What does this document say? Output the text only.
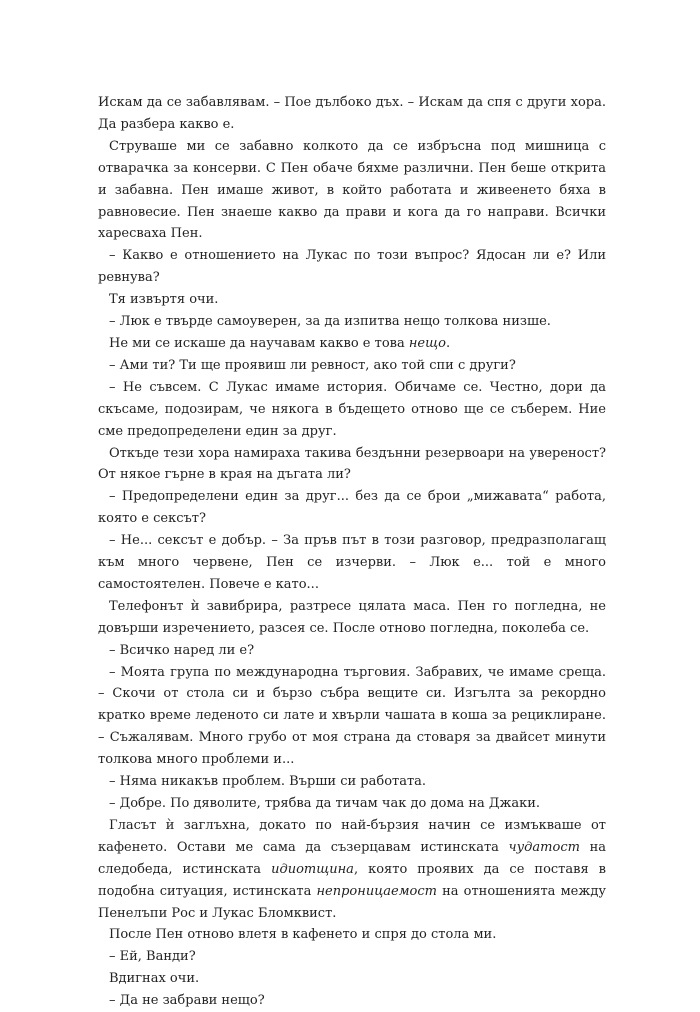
Искам да се забавлявам. – Пое дълбоко дъх. – Искам да спя с други хора. Да разбера какво е.

Струваше ми се забавно колкото да се избръсна под мишница с отварачка за консерви. С Пен обаче бяхме различни. Пен беше открита и забавна. Пен имаше живот, в който работата и живеенето бяха в равновесие. Пен знаеше какво да прави и кога да го направи. Всички харесваха Пен.

– Какво е отношението на Лукас по този въпрос? Ядосан ли е? Или ревнува?

Тя извъртя очи.

– Люк е твърде самоуверен, за да изпитва нещо толкова низше.

Не ми се искаше да научавам какво е това нещо.

– Ами ти? Ти ще проявиш ли ревност, ако той спи с други?

– Не съвсем. С Лукас имаме история. Обичаме се. Честно, дори да скъсаме, подозирам, че някога в бъдещето отново ще се съберем. Ние сме предопределени един за друг.

Откъде тези хора намираха такива бездънни резервоари на увереност? От някое гърне в края на дъгата ли?

– Предопределени един за друг... без да се брои „мижавата“ работа, която е сексът?

– Не... сексът е добър. – За пръв път в този разговор, предразполагащ към много червене, Пен се изчерви. – Люк е... той е много самостоятелен. Повече е като...

Телефонът ѝ завибрира, разтресе цялата маса. Пен го погледна, не довърши изречението, разсея се. После отново погледна, поколеба се.

– Всичко наред ли е?

– Моята група по международна търговия. Забравих, че имаме среща. – Скочи от стола си и бързо събра вещите си. Изгълта за рекордно кратко време леденото си лате и хвърли чашата в коша за рециклиране. – Съжалявам. Много грубо от моя страна да стоваря за двайсет минути толкова много проблеми и...

– Няма никакъв проблем. Върши си работата.

– Добре. По дяволите, трябва да тичам чак до дома на Джаки.

Гласът ѝ заглъхна, докато по най-бързия начин се измъкваше от кафенето. Остави ме сама да съзерцавам истинската чудатост на следобеда, истинската идиотщина, която проявих да се поставя в подобна ситуация, истинската непроницаемост на отношенията между Пенелъпи Рос и Лукас Бломквист.

После Пен отново влетя в кафенето и спря до стола ми.

– Ей, Ванди?

Вдигнах очи.

– Да не забрави нещо?
